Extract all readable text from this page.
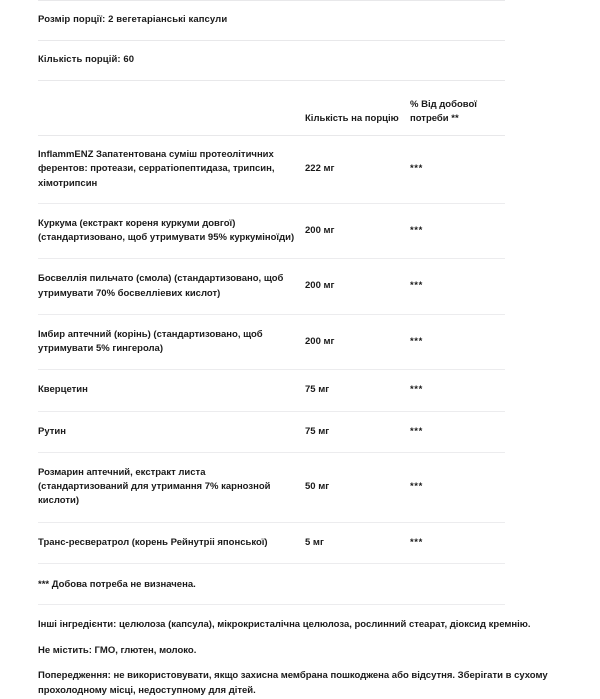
Розмір порції: 2 вегетаріанські капсули
Кількість порцій: 60
	Кількість на порцію	% Від добової потреби **
InflammENZ Запатентована суміш протеолітичних ферентов: протеази, серратіопептидаза, трипсин, хімотрипсин	222 мг	***
Куркума (екстракт кореня куркуми довгої) (стандартизовано, щоб утримувати 95% куркуміноїди)	200 мг	***
Босвеллія пильчато (смола) (стандартизовано, щоб утримувати 70% босвелліевих кислот)	200 мг	***
Імбир аптечний (корінь) (стандартизовано, щоб утримувати 5% гингерола)	200 мг	***
Кверцетин	75 мг	***
Рутин	75 мг	***
Розмарин аптечний, екстракт листа (стандартизований для утримання 7% карнозной кислоти)	50 мг	***
Транс-ресвератрол (корень Рейнутріі японської)	5 мг	***
*** Добова потреба не визначена.
Інші інгредієнти: целюлоза (капсула), мікрокристалічна целюлоза, рослинний стеарат, діоксид кремнію.
Не містить: ГМО, глютен, молоко.
Попередження: не використовувати, якщо захисна мембрана пошкоджена або відсутня. Зберігати в сухому прохолодному місці, недоступному для дітей.
